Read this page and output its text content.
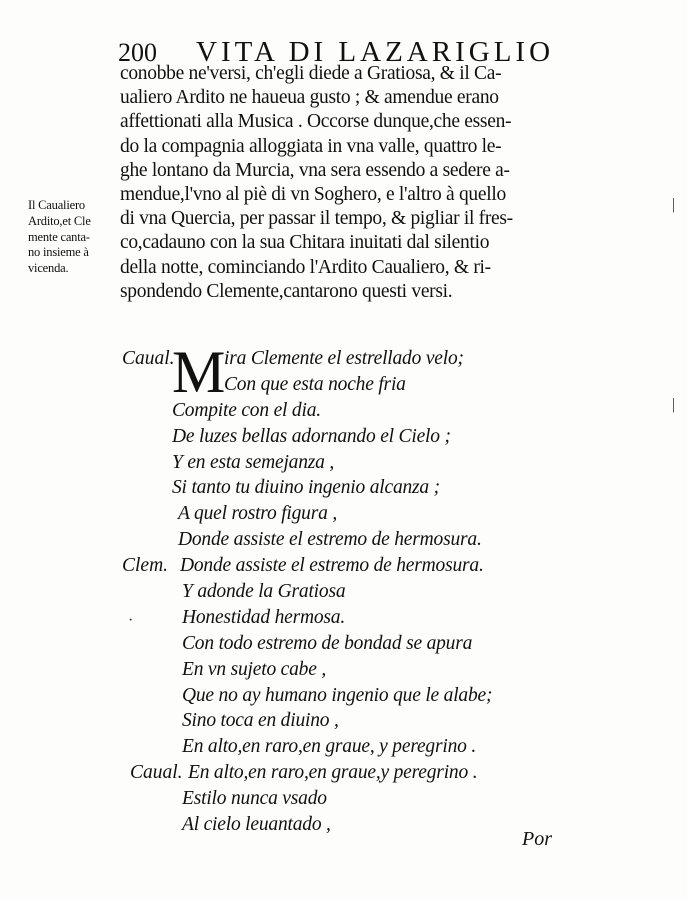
200 VITA DI LAZARIGLIO
conobbe ne'versi, ch'egli diede a Gratiosa, & il Ca-
ualiero Ardito ne haueua gusto ; & amendue erano
affettionati alla Musica . Occorse dunque,che essen-
do la compagnia alloggiata in vna valle, quattro le-
ghe lontano da Murcia, vna sera essendo a sedere a-
mendue,l'vno al piè di vn Soghero, e l'altro à quello
di vna Quercia, per passar il tempo, & pigliar il fres-
co,cadauno con la sua Chitara inuitati dal silentio
della notte, cominciando l'Ardito Caualiero, & ri-
spondendo Clemente,cantarono questi versi.
Il Caualiero
Ardito,et Cle
mente canta-
no insieme à
vicenda.
M
Caual.	ira Clemente el estrellado velo;
Con que esta noche fria
Compite con el dia.
De luzes bellas adornando el Cielo ;
Y en esta semejanza ,
Si tanto tu diuino ingenio alcanza ;
A quel rostro figura ,
Donde assiste el estremo de hermosura.
Clem. Donde assiste el estremo de hermosura.
Y adonde la Gratiosa
Honestidad hermosa.
Con todo estremo de bondad se apura
En vn sujeto cabe ,
Que no ay humano ingenio que le alabe;
Sino toca en diuino ,
En alto,en raro,en graue, y peregrino .
Caual. En alto,en raro,en graue,y peregrino .
Estilo nunca vsado
Al cielo leuantado ,
Por
|
|
·
